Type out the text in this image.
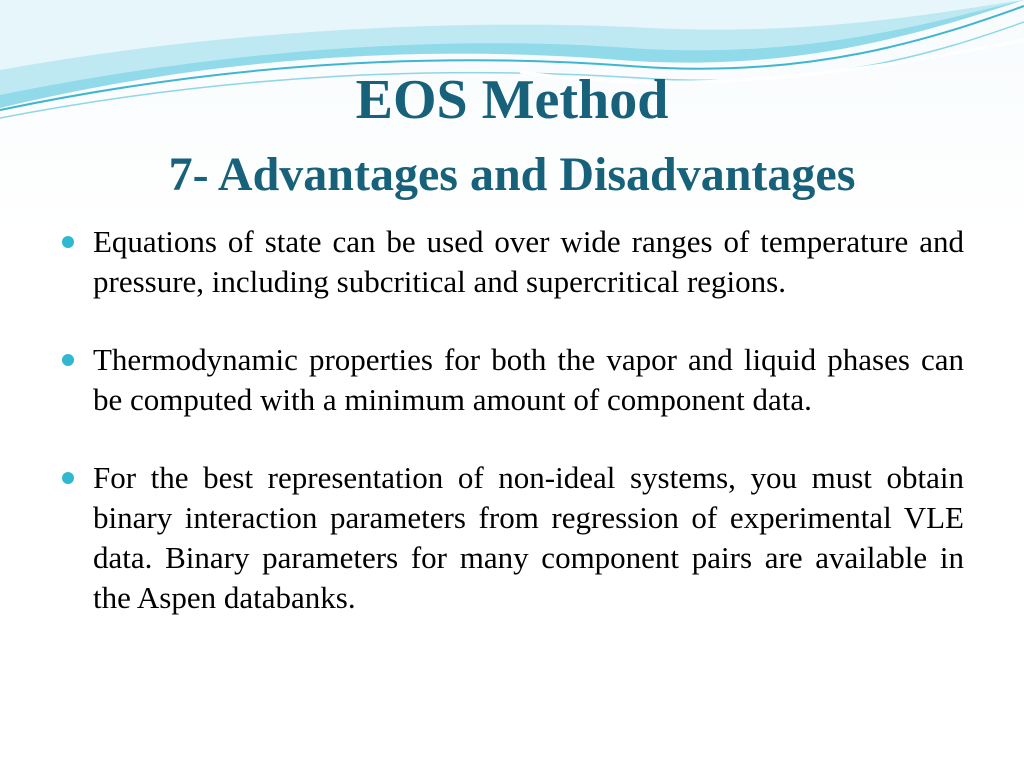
EOS Method
7- Advantages and Disadvantages
Equations of state can be used over wide ranges of temperature and pressure, including subcritical and supercritical regions.
Thermodynamic properties for both the vapor and liquid phases can be computed with a minimum amount of component data.
For the best representation of non-ideal systems, you must obtain binary interaction parameters from regression of experimental VLE data. Binary parameters for many component pairs are available in the Aspen databanks.
